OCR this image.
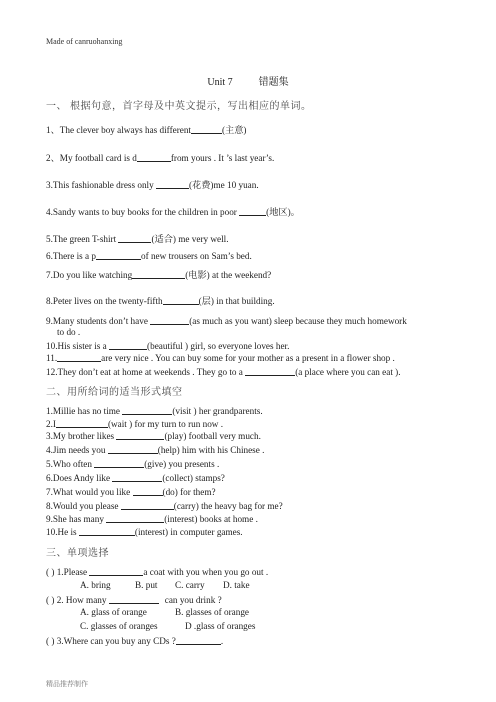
Made of canruohanxing
Unit 7	错题集
一、 根据句意，首字母及中英文提示，写出相应的单词。
1、The clever boy always has different	(主意)
2、My football card is d	from yours . It ’s last year’s.
3.This fashionable dress only	(花费)me 10 yuan.
4.Sandy wants to buy books for the children in poor	(地区)。
5.The green T-shirt	(适合) me very well.
6.There is a p	of new trousers on Sam’s bed.
7.Do you like watching	(电影) at the weekend?
8.Peter lives on the twenty-fifth	(层) in that building.
9.Many students don’t have	(as much as you want) sleep because they much homework
to do .
10.His sister is a	(beautiful ) girl, so everyone loves her.
11.	are very nice . You can buy some for your mother as a present in a flower shop .
12.They don’t eat at home at weekends . They go to a	(a place where you can eat ).
二、用所给词的适当形式填空
1.Millie has no time	(visit ) her grandparents.
2.I	(wait ) for my turn to run now .
3.My brother likes	(play) football very much.
4.Jim needs you	(help) him with his Chinese .
5.Who often	(give) you presents .
6.Does Andy like	(collect) stamps?
7.What would you like	(do) for them?
8.Would you please	(carry) the heavy bag for me?
9.She has many	(interest) books at home .
10.He is	(interest) in computer games.
三、单项选择
( ) 1.Please	a coat with you when you go out .
A. bring	B. put C. carry D. take
( ) 2. How many	can you drink ?
A. glass of orange	B. glasses of orange
C. glasses of oranges	D .glass of oranges
( ) 3.Where can you buy any CDs ?	.
精品推荐制作
